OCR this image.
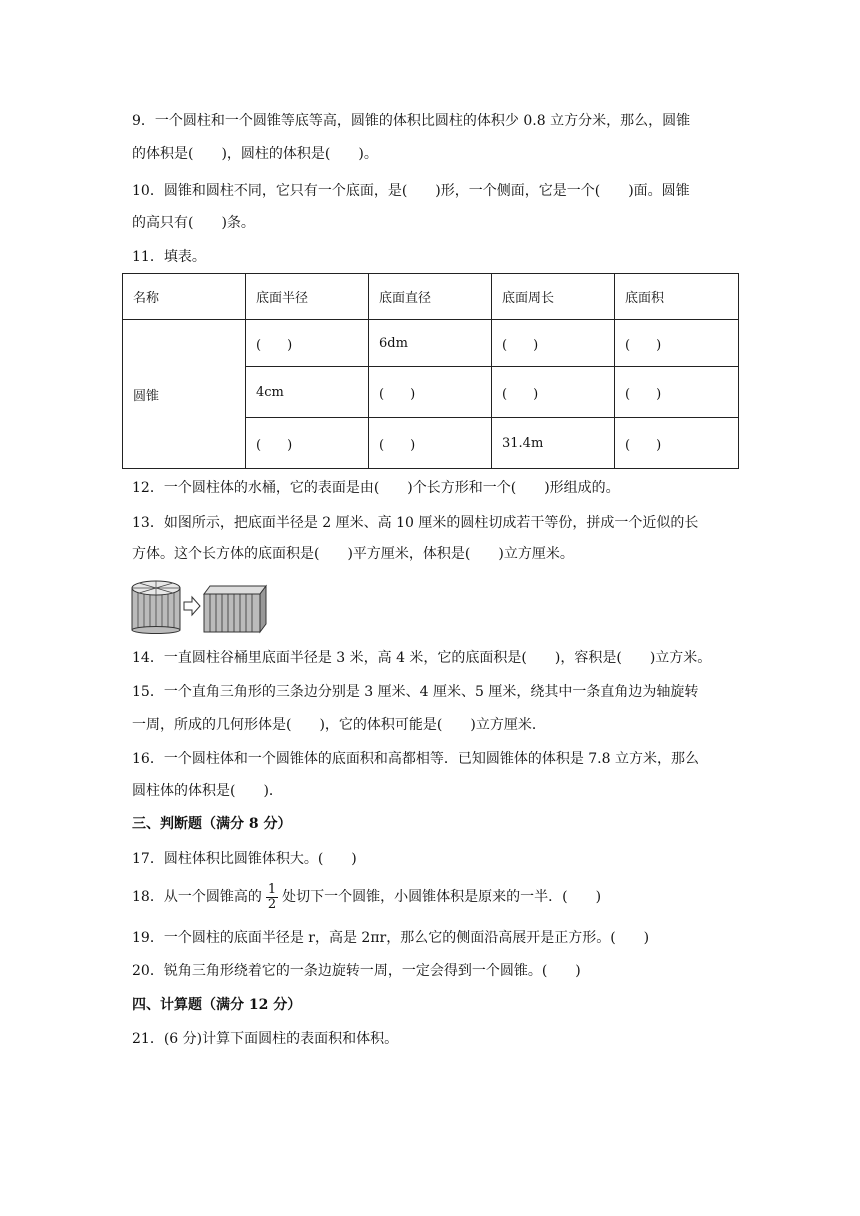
9．一个圆柱和一个圆锥等底等高，圆锥的体积比圆柱的体积少 0.8 立方分米，那么，圆锥
的体积是(　　)，圆柱的体积是(　　)。
10．圆锥和圆柱不同，它只有一个底面，是(　　)形，一个侧面，它是一个(　　)面。圆锥
的高只有(　　)条。
11．填表。
名称	底面半径	底面直径	底面周长	底面积
圆锥	(　　)	6dm	(　　)	(　　)
	4cm	(　　)	(　　)	(　　)
	(　　)	(　　)	31.4m	(　　)
12．一个圆柱体的水桶，它的表面是由(　　)个长方形和一个(　　)形组成的。
13．如图所示，把底面半径是 2 厘米、高 10 厘米的圆柱切成若干等份，拼成一个近似的长
方体。这个长方体的底面积是(　　)平方厘米，体积是(　　)立方厘米。
14．一直圆柱谷桶里底面半径是 3 米，高 4 米，它的底面积是(　　)，容积是(　　)立方米。
15．一个直角三角形的三条边分别是 3 厘米、4 厘米、5 厘米，绕其中一条直角边为轴旋转
一周，所成的几何形体是(　　)，它的体积可能是(　　)立方厘米．
16．一个圆柱体和一个圆锥体的底面积和高都相等．已知圆锥体的体积是 7.8 立方米，那么
圆柱体的体积是(　　)．
三、判断题（满分 8 分）
17．圆柱体积比圆锥体积大。(　　)
18．从一个圆锥高的 $\frac{1}{2}$ 处切下一个圆锥，小圆锥体积是原来的一半．(　　)
19．一个圆柱的底面半径是 r，高是 2πr，那么它的侧面沿高展开是正方形。(　　)
20．锐角三角形绕着它的一条边旋转一周，一定会得到一个圆锥。(　　)
四、计算题（满分 12 分）
21．(6 分)计算下面圆柱的表面积和体积。
